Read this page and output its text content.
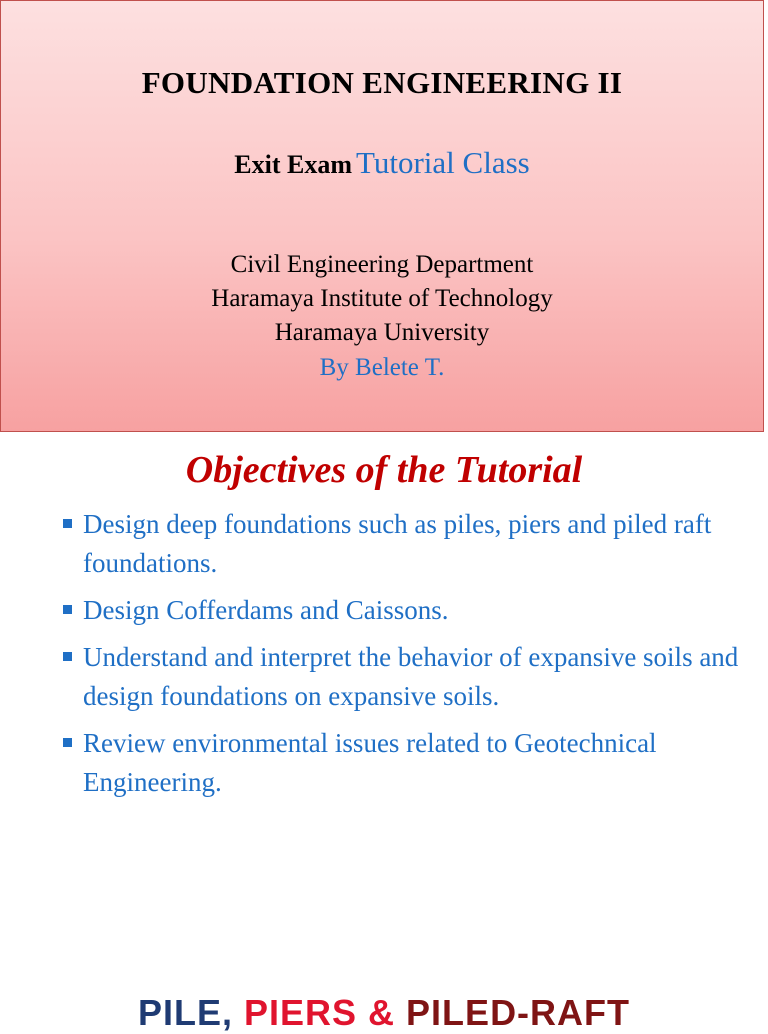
FOUNDATION ENGINEERING II
Exit Exam Tutorial Class
Civil Engineering Department
Haramaya Institute of Technology
Haramaya University
By Belete T.
Objectives of the Tutorial
Design deep foundations such as piles, piers and piled raft foundations.
Design Cofferdams and Caissons.
Understand and interpret the behavior of expansive soils and design foundations on expansive soils.
Review environmental issues related to Geotechnical Engineering.
PILE, PIERS & PILED-RAFT
